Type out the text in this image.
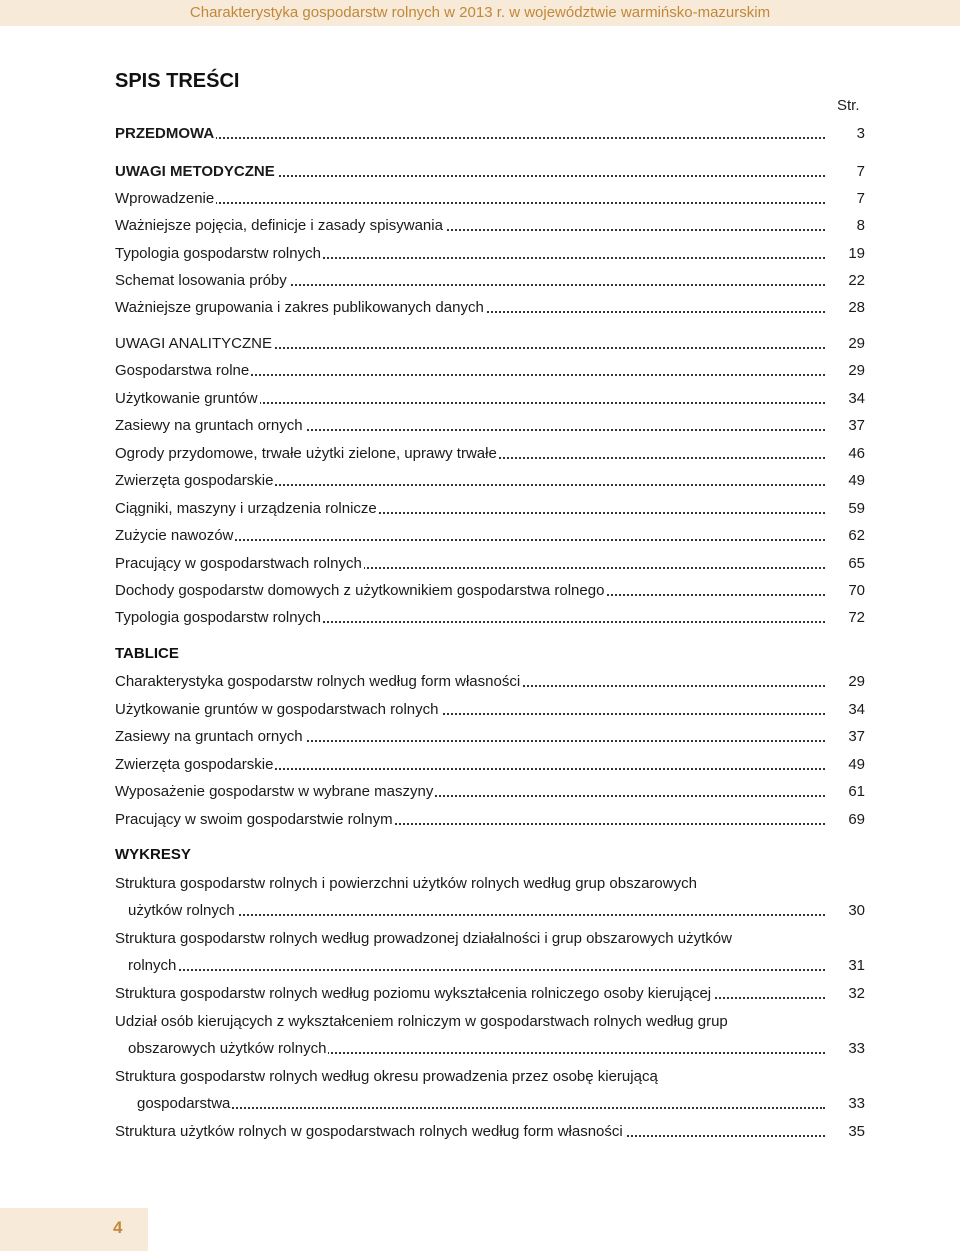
Charakterystyka gospodarstw rolnych w 2013 r. w województwie warmińsko-mazurskim
SPIS TREŚCI
Str.
PRZEDMOWA	3
UWAGI METODYCZNE	7
Wprowadzenie	7
Ważniejsze pojęcia, definicje i zasady spisywania	8
Typologia gospodarstw rolnych	19
Schemat losowania próby	22
Ważniejsze grupowania i zakres publikowanych danych	28
UWAGI ANALITYCZNE	29
Gospodarstwa rolne	29
Użytkowanie gruntów	34
Zasiewy na gruntach ornych	37
Ogrody przydomowe, trwałe użytki zielone, uprawy trwałe	46
Zwierzęta gospodarskie	49
Ciągniki, maszyny i urządzenia rolnicze	59
Zużycie nawozów	62
Pracujący w gospodarstwach rolnych	65
Dochody gospodarstw domowych z użytkownikiem gospodarstwa rolnego	70
Typologia gospodarstw rolnych	72
TABLICE
Charakterystyka gospodarstw rolnych według form własności	29
Użytkowanie gruntów w gospodarstwach rolnych	34
Zasiewy na gruntach ornych	37
Zwierzęta gospodarskie	49
Wyposażenie gospodarstw w wybrane maszyny	61
Pracujący w swoim gospodarstwie rolnym	69
WYKRESY
Struktura gospodarstw rolnych i powierzchni użytków rolnych według grup obszarowych
użytków rolnych	30
Struktura gospodarstw rolnych według prowadzonej działalności i grup obszarowych użytków
rolnych	31
Struktura gospodarstw rolnych według poziomu wykształcenia rolniczego osoby kierującej	32
Udział osób kierujących z wykształceniem rolniczym w gospodarstwach rolnych według grup
obszarowych użytków rolnych	33
Struktura gospodarstw rolnych według okresu prowadzenia przez osobę kierującą
gospodarstwa	33
Struktura użytków rolnych w gospodarstwach rolnych według form własności	35
4
